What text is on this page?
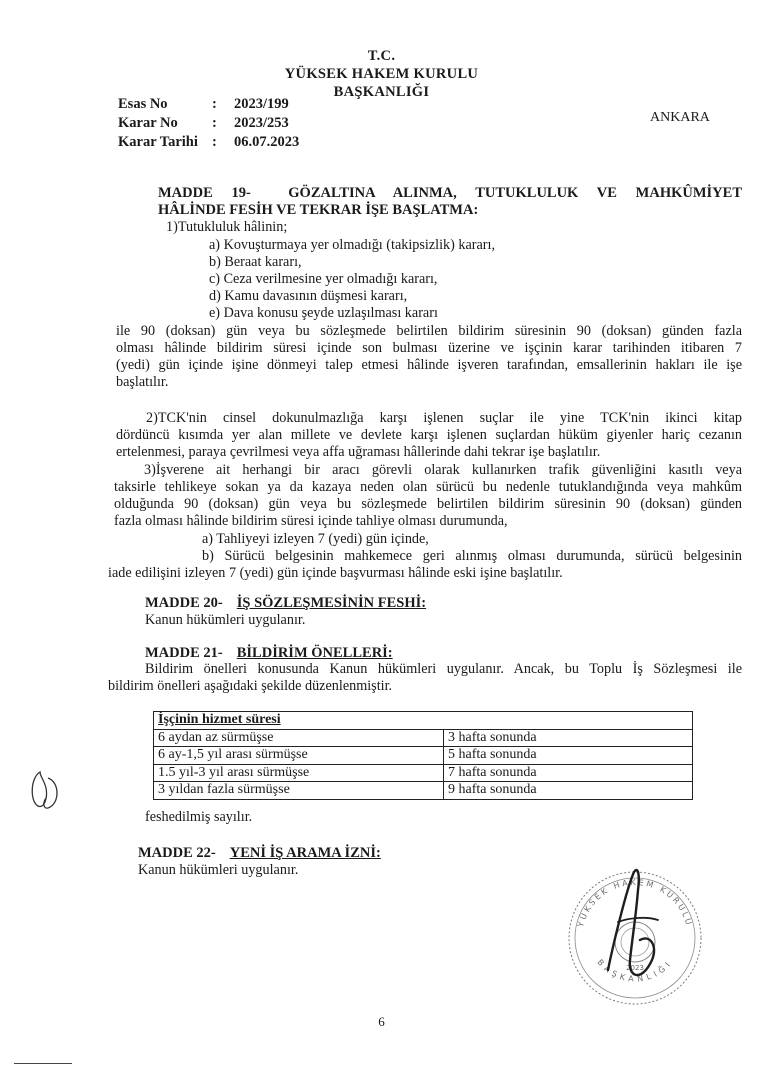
T.C.
YÜKSEK HAKEM KURULU
BAŞKANLIĞI
Esas No	:	2023/199
Karar No	:	2023/253
Karar Tarihi :	06.07.2023
ANKARA
MADDE 19-	GÖZALTINA ALINMA, TUTUKLULUK VE MAHKÛMİYET
HÂLİNDE FESİH VE TEKRAR İŞE BAŞLATMA:
1)Tutukluluk hâlinin;
a) Kovuşturmaya yer olmadığı (takipsizlik) kararı,
b) Beraat kararı,
c) Ceza verilmesine yer olmadığı kararı,
d) Kamu davasının düşmesi kararı,
e) Dava konusu şeyde uzlaşılması kararı
ile 90 (doksan) gün veya bu sözleşmede belirtilen bildirim süresinin 90 (doksan) günden fazla
olması hâlinde bildirim süresi içinde son bulması üzerine ve işçinin karar tarihinden itibaren 7
(yedi) gün içinde işine dönmeyi talep etmesi hâlinde işveren tarafından, emsallerinin hakları ile işe
başlatılır.
2)TCK'nin cinsel dokunulmazlığa karşı işlenen suçlar ile yine TCK'nin ikinci kitap
dördüncü kısımda yer alan millete ve devlete karşı işlenen suçlardan hüküm giyenler hariç cezanın
ertelenmesi, paraya çevrilmesi veya affa uğraması hâllerinde dahi tekrar işe başlatılır.
3)İşverene ait herhangi bir aracı görevli olarak kullanırken trafik güvenliğini kasıtlı veya
taksirle tehlikeye sokan ya da kazaya neden olan sürücü bu nedenle tutuklandığında veya mahkûm
olduğunda 90 (doksan) gün veya bu sözleşmede belirtilen bildirim süresinin 90 (doksan) günden
fazla olması hâlinde bildirim süresi içinde tahliye olması durumunda,
a) Tahliyeyi izleyen 7 (yedi) gün içinde,
b) Sürücü belgesinin mahkemece geri alınmış olması durumunda, sürücü belgesinin
iade edilişini izleyen 7 (yedi) gün içinde başvurması hâlinde eski işine başlatılır.
MADDE 20- İŞ SÖZLEŞMESİNİN FESHİ:
Kanun hükümleri uygulanır.
MADDE 21- BİLDİRİM ÖNELLERİ:
Bildirim önelleri konusunda Kanun hükümleri uygulanır. Ancak, bu Toplu İş Sözleşmesi ile
bildirim önelleri aşağıdaki şekilde düzenlenmiştir.
İşçinin hizmet süresi	
6 aydan az sürmüşse	3 hafta sonunda
6 ay-1,5 yıl arası sürmüşse	5 hafta sonunda
1.5 yıl-3 yıl arası sürmüşse	7 hafta sonunda
3 yıldan fazla sürmüşse	9 hafta sonunda
feshedilmiş sayılır.
MADDE 22- YENİ İŞ ARAMA İZNİ:
Kanun hükümleri uygulanır.
YÜKSEK HAKEM KURULU
BAŞKANLIĞI
2023
6
